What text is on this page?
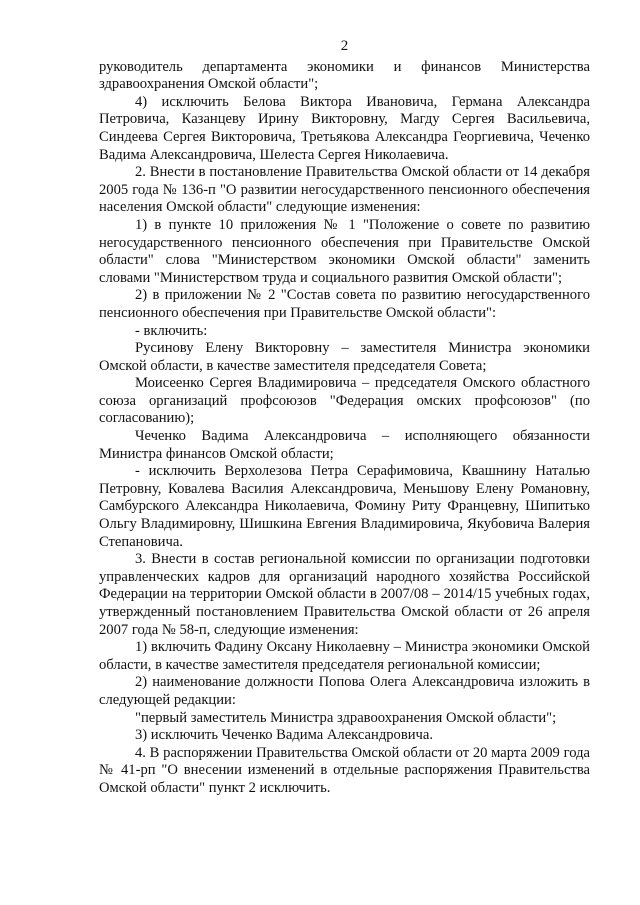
2

руководитель департамента экономики и финансов Министерства здравоохранения Омской области";

4) исключить Белова Виктора Ивановича, Германа Александра Петровича, Казанцеву Ирину Викторовну, Магду Сергея Васильевича, Синдеева Сергея Викторовича, Третьякова Александра Георгиевича, Чеченко Вадима Александровича, Шелеста Сергея Николаевича.

2. Внести в постановление Правительства Омской области от 14 декабря 2005 года № 136-п "О развитии негосударственного пенсионного обеспечения населения Омской области" следующие изменения:

1) в пункте 10 приложения № 1 "Положение о совете по развитию негосударственного пенсионного обеспечения при Правительстве Омской области" слова "Министерством экономики Омской области" заменить словами "Министерством труда и социального развития Омской области";

2) в приложении № 2 "Состав совета по развитию негосударственного пенсионного обеспечения при Правительстве Омской области":

- включить:

Русинову Елену Викторовну – заместителя Министра экономики Омской области, в качестве заместителя председателя Совета;

Моисеенко Сергея Владимировича – председателя Омского областного союза организаций профсоюзов "Федерация омских профсоюзов" (по согласованию);

Чеченко Вадима Александровича – исполняющего обязанности Министра финансов Омской области;

- исключить Верхолезова Петра Серафимовича, Квашнину Наталью Петровну, Ковалева Василия Александровича, Меньшову Елену Романовну, Самбурского Александра Николаевича, Фомину Риту Францевну, Шипитько Ольгу Владимировну, Шишкина Евгения Владимировича, Якубовича Валерия Степановича.

3. Внести в состав региональной комиссии по организации подготовки управленческих кадров для организаций народного хозяйства Российской Федерации на территории Омской области в 2007/08 – 2014/15 учебных годах, утвержденный постановлением Правительства Омской области от 26 апреля 2007 года № 58-п, следующие изменения:

1) включить Фадину Оксану Николаевну – Министра экономики Омской области, в качестве заместителя председателя региональной комиссии;

2) наименование должности Попова Олега Александровича изложить в следующей редакции:

"первый заместитель Министра здравоохранения Омской области";

3) исключить Чеченко Вадима Александровича.

4. В распоряжении Правительства Омской области от 20 марта 2009 года № 41-рп "О внесении изменений в отдельные распоряжения Правительства Омской области" пункт 2 исключить.
